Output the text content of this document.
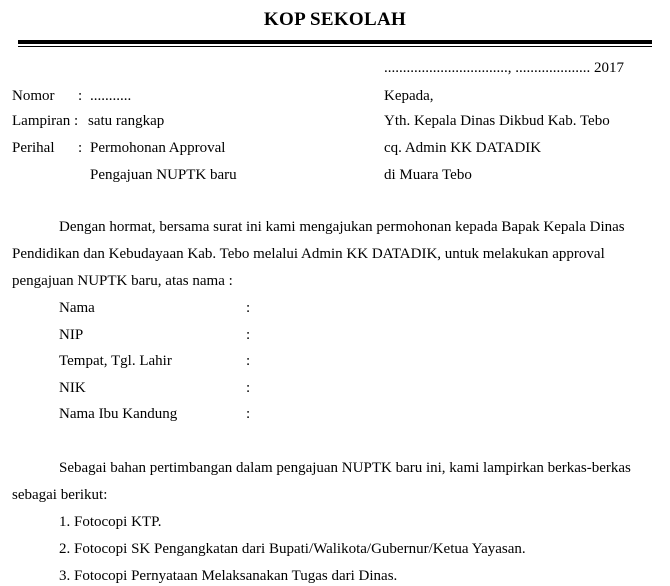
KOP SEKOLAH
................................., .................... 2017
Nomor : ...........
Lampiran : satu rangkap
Perihal : Permohonan Approval
Pengajuan NUPTK baru
Kepada,
Yth. Kepala Dinas Dikbud Kab. Tebo
cq. Admin KK DATADIK
di Muara Tebo
Dengan hormat, bersama surat ini kami mengajukan permohonan kepada Bapak Kepala Dinas
Pendidikan dan Kebudayaan Kab. Tebo melalui Admin KK DATADIK, untuk melakukan approval
pengajuan NUPTK baru, atas nama :
Nama	:
NIP	:
Tempat, Tgl. Lahir	:
NIK	:
Nama Ibu Kandung	:
Sebagai bahan pertimbangan dalam pengajuan NUPTK baru ini, kami lampirkan berkas-berkas
sebagai berikut:
1. Fotocopi KTP.
2. Fotocopi SK Pengangkatan dari Bupati/Walikota/Gubernur/Ketua Yayasan.
3. Fotocopi Pernyataan Melaksanakan Tugas dari Dinas.
